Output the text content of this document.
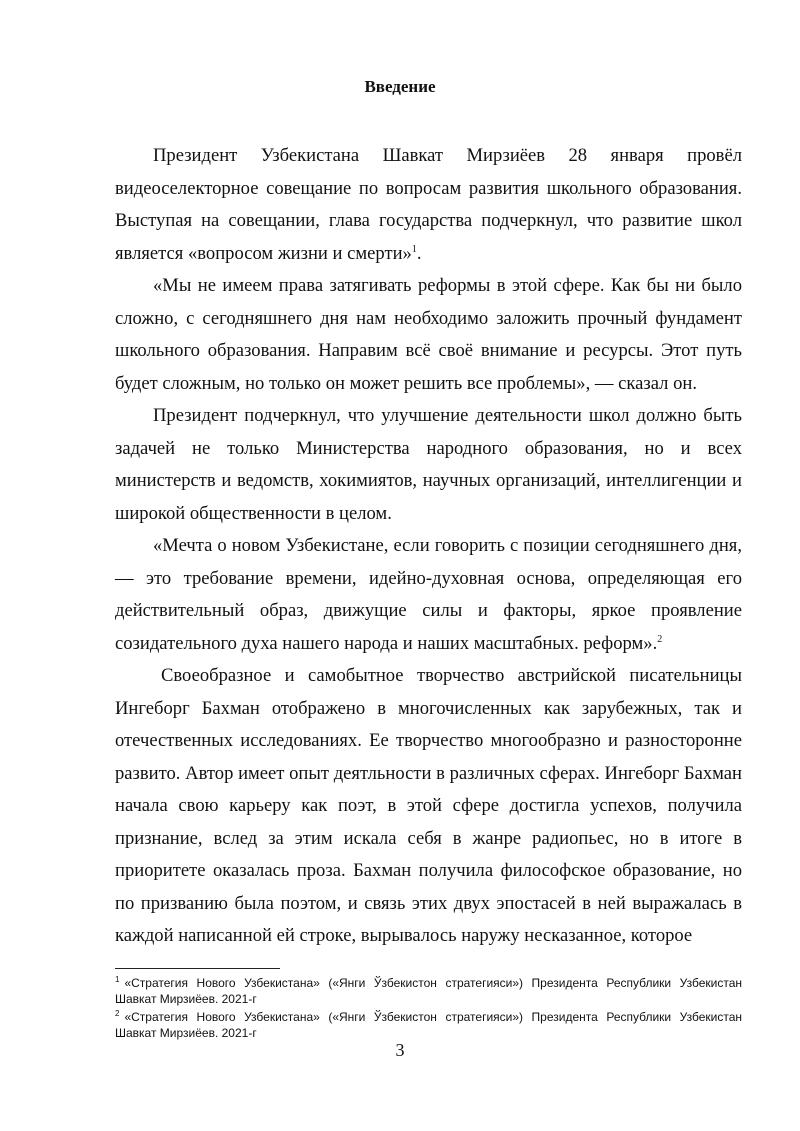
Введение

Президент Узбекистана Шавкат Мирзиёев 28 января провёл видеоселекторное совещание по вопросам развития школьного образования. Выступая на совещании, глава государства подчеркнул, что развитие школ является «вопросом жизни и смерти»$^1$.

«Мы не имеем права затягивать реформы в этой сфере. Как бы ни было сложно, с сегодняшнего дня нам необходимо заложить прочный фундамент школьного образования. Направим всё своё внимание и ресурсы. Этот путь будет сложным, но только он может решить все проблемы», — сказал он.

Президент подчеркнул, что улучшение деятельности школ должно быть задачей не только Министерства народного образования, но и всех министерств и ведомств, хокимиятов, научных организаций, интеллигенции и широкой общественности в целом.

«Мечта о новом Узбекистане, если говорить с позиции сегодняшнего дня, — это требование времени, идейно-духовная основа, определяющая его действительный образ, движущие силы и факторы, яркое проявление созидательного духа нашего народа и наших масштабных. реформ».$^2$

Своеобразное и самобытное творчество австрийской писательницы Ингеборг Бахман отображено в многочисленных как зарубежных, так и отечественных исследованиях. Ее творчество многообразно и разносторонне развито. Автор имеет опыт деятльности в различных сферах. Ингеборг Бахман начала свою карьеру как поэт, в этой сфере достигла успехов, получила признание, вслед за этим искала себя в жанре радиопьес, но в итоге в приоритете оказалась проза. Бахман получила философское образование, но по призванию была поэтом, и связь этих двух эпостасей в ней выражалась в каждой написанной ей строке, вырывалось наружу несказанное, которое

$^1$ «Стратегия Нового Узбекистана» («Янги Ўзбекистон стратегияси») Президента Республики Узбекистан Шавкат Мирзиёев. 2021-г

$^2$ «Стратегия Нового Узбекистана» («Янги Ўзбекистон стратегияси») Президента Республики Узбекистан Шавкат Мирзиёев. 2021-г

3
